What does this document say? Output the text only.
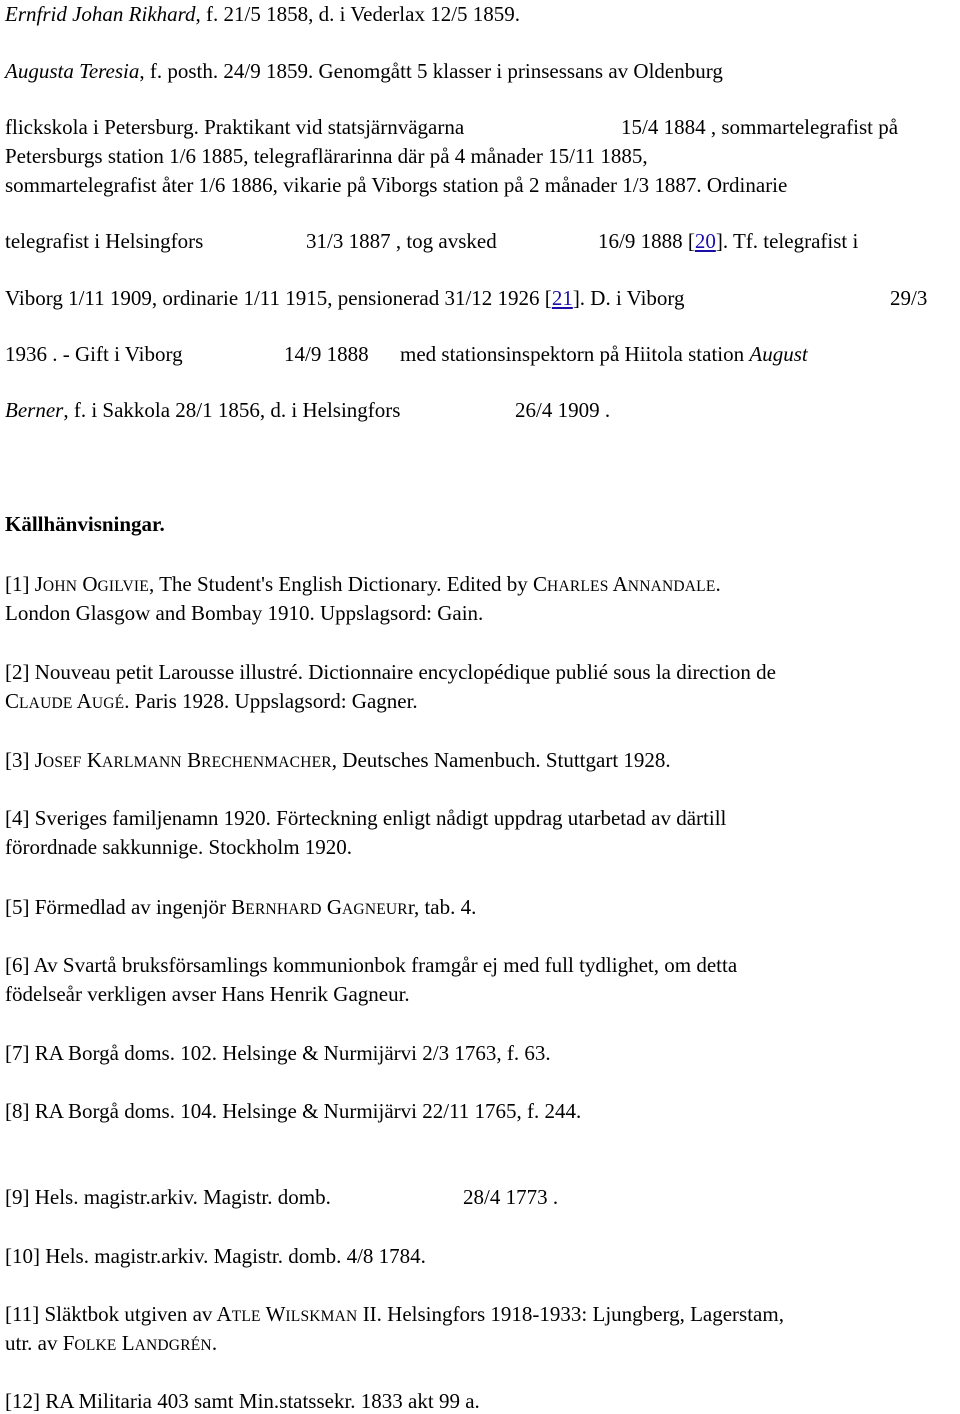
Ernfrid Johan Rikhard, f. 21/5 1858, d. i Vederlax 12/5 1859.
Augusta Teresia, f. posth. 24/9 1859. Genomgått 5 klasser i prinsessans av Oldenburg
flickskola i Petersburg. Praktikant vid statsjärnvägarna	15/4 1884 , sommartelegrafist på
Petersburgs station 1/6 1885, telegraflärarinna där på 4 månader 15/11 1885,
sommartelegrafist åter 1/6 1886, vikarie på Viborgs station på 2 månader 1/3 1887. Ordinarie
telegrafist i Helsingfors	31/3 1887 , tog avsked	16/9 1888 [20]. Tf. telegrafist i
Viborg 1/11 1909, ordinarie 1/11 1915, pensionerad 31/12 1926 [21]. D. i Viborg	29/3
1936 . - Gift i Viborg	14/9 1888 med stationsinspektorn på Hiitola station August
Berner, f. i Sakkola 28/1 1856, d. i Helsingfors	26/4 1909 .
Källhänvisningar.
[1] JOHN OGILVIE, The Student's English Dictionary. Edited by CHARLES ANNANDALE.
London Glasgow and Bombay 1910. Uppslagsord: Gain.
[2] Nouveau petit Larousse illustré. Dictionnaire encyclopédique publié sous la direction de
CLAUDE AUGÉ. Paris 1928. Uppslagsord: Gagner.
[3] JOSEF KARLMANN BRECHENMACHER, Deutsches Namenbuch. Stuttgart 1928.
[4] Sveriges familjenamn 1920. Förteckning enligt nådigt uppdrag utarbetad av därtill
förordnade sakkunnige. Stockholm 1920.
[5] Förmedlad av ingenjör BERNHARD GAGNEURr, tab. 4.
[6] Av Svartå bruksförsamlings kommunionbok framgår ej med full tydlighet, om detta
födelseår verkligen avser Hans Henrik Gagneur.
[7] RA Borgå doms. 102. Helsinge & Nurmijärvi 2/3 1763, f. 63.
[8] RA Borgå doms. 104. Helsinge & Nurmijärvi 22/11 1765, f. 244.
[9] Hels. magistr.arkiv. Magistr. domb.	28/4 1773 .
[10] Hels. magistr.arkiv. Magistr. domb. 4/8 1784.
[11] Släktbok utgiven av ATLE WILSKMAN II. Helsingfors 1918-1933: Ljungberg, Lagerstam,
utr. av FOLKE LANDGRÉN.
[12] RA Militaria 403 samt Min.statssekr. 1833 akt 99 a.
